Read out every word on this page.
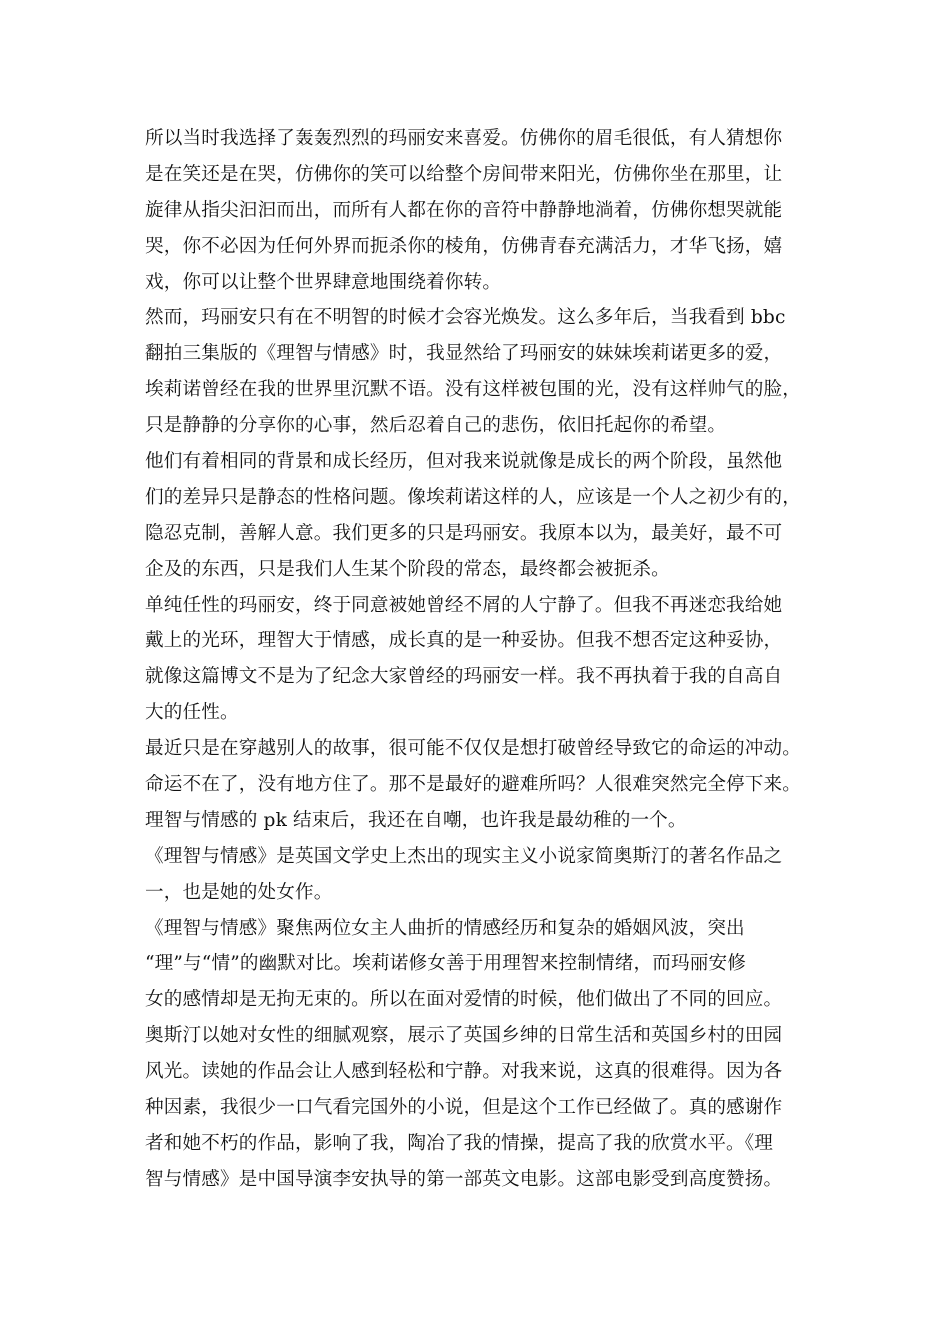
所以当时我选择了轰轰烈烈的玛丽安来喜爱。仿佛你的眉毛很低，有人猜想你
是在笑还是在哭，仿佛你的笑可以给整个房间带来阳光，仿佛你坐在那里，让
旋律从指尖汩汩而出，而所有人都在你的音符中静静地淌着，仿佛你想哭就能
哭，你不必因为任何外界而扼杀你的棱角，仿佛青春充满活力，才华飞扬，嬉
戏，你可以让整个世界肆意地围绕着你转。
然而，玛丽安只有在不明智的时候才会容光焕发。这么多年后，当我看到 bbc
翻拍三集版的《理智与情感》时，我显然给了玛丽安的妹妹埃莉诺更多的爱，
埃莉诺曾经在我的世界里沉默不语。没有这样被包围的光，没有这样帅气的脸，
只是静静的分享你的心事，然后忍着自己的悲伤，依旧托起你的希望。
他们有着相同的背景和成长经历，但对我来说就像是成长的两个阶段，虽然他
们的差异只是静态的性格问题。像埃莉诺这样的人，应该是一个人之初少有的，
隐忍克制，善解人意。我们更多的只是玛丽安。我原本以为，最美好，最不可
企及的东西，只是我们人生某个阶段的常态，最终都会被扼杀。
单纯任性的玛丽安，终于同意被她曾经不屑的人宁静了。但我不再迷恋我给她
戴上的光环，理智大于情感，成长真的是一种妥协。但我不想否定这种妥协，
就像这篇博文不是为了纪念大家曾经的玛丽安一样。我不再执着于我的自高自
大的任性。
最近只是在穿越别人的故事，很可能不仅仅是想打破曾经导致它的命运的冲动。
命运不在了，没有地方住了。那不是最好的避难所吗？人很难突然完全停下来。
理智与情感的 pk 结束后，我还在自嘲，也许我是最幼稚的一个。
《理智与情感》是英国文学史上杰出的现实主义小说家简奥斯汀的著名作品之
一，也是她的处女作。
《理智与情感》聚焦两位女主人曲折的情感经历和复杂的婚姻风波，突出
“理”与“情”的幽默对比。埃莉诺修女善于用理智来控制情绪，而玛丽安修
女的感情却是无拘无束的。所以在面对爱情的时候，他们做出了不同的回应。
奥斯汀以她对女性的细腻观察，展示了英国乡绅的日常生活和英国乡村的田园
风光。读她的作品会让人感到轻松和宁静。对我来说，这真的很难得。因为各
种因素，我很少一口气看完国外的小说，但是这个工作已经做了。真的感谢作
者和她不朽的作品，影响了我，陶冶了我的情操，提高了我的欣赏水平。《理
智与情感》是中国导演李安执导的第一部英文电影。这部电影受到高度赞扬。
